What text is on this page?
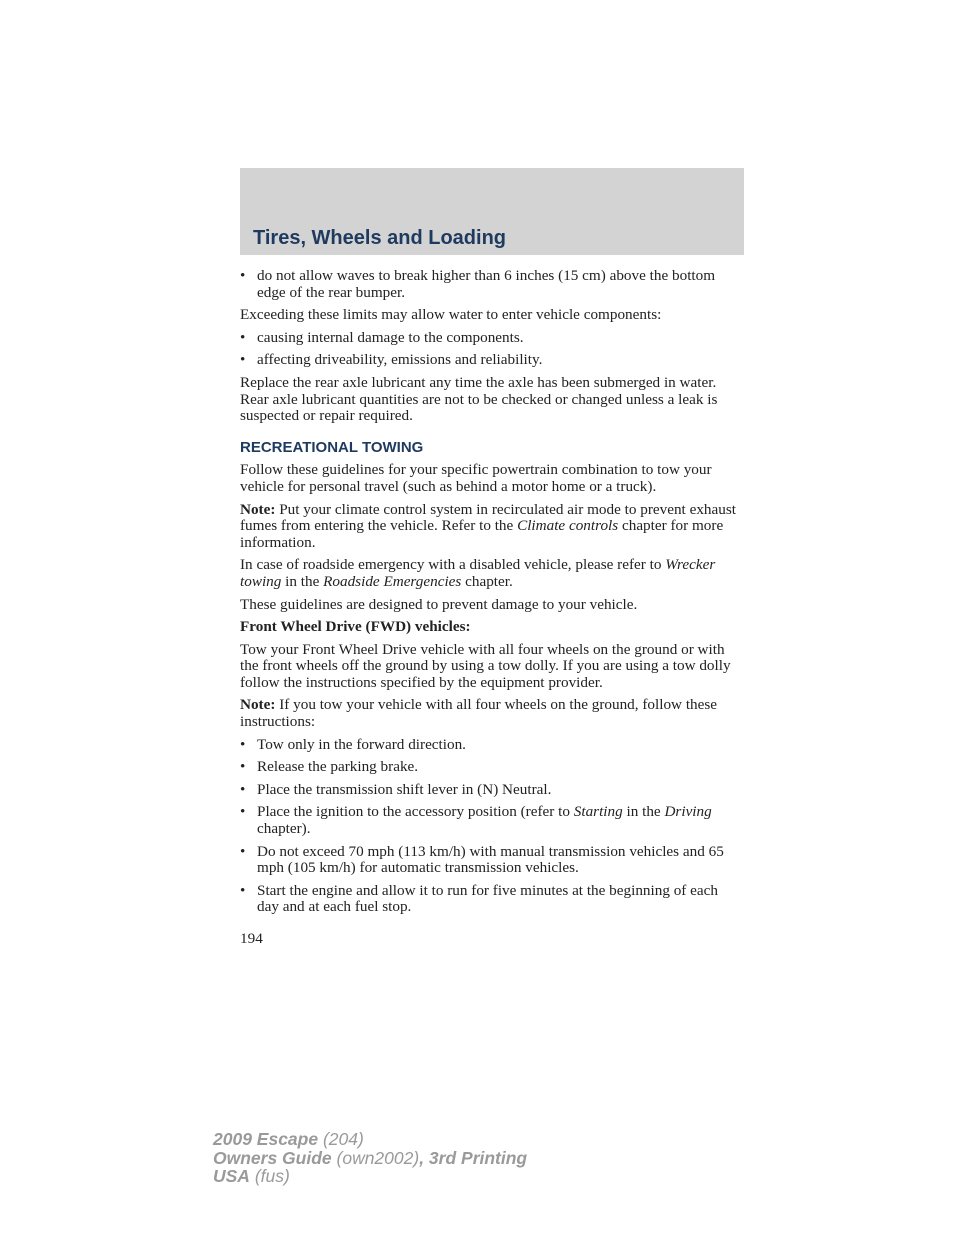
Tires, Wheels and Loading
• do not allow waves to break higher than 6 inches (15 cm) above the bottom edge of the rear bumper.

Exceeding these limits may allow water to enter vehicle components:

• causing internal damage to the components.
• affecting driveability, emissions and reliability.

Replace the rear axle lubricant any time the axle has been submerged in water. Rear axle lubricant quantities are not to be checked or changed unless a leak is suspected or repair required.

RECREATIONAL TOWING

Follow these guidelines for your specific powertrain combination to tow your vehicle for personal travel (such as behind a motor home or a truck).

Note: Put your climate control system in recirculated air mode to prevent exhaust fumes from entering the vehicle. Refer to the Climate controls chapter for more information.

In case of roadside emergency with a disabled vehicle, please refer to Wrecker towing in the Roadside Emergencies chapter.

These guidelines are designed to prevent damage to your vehicle.

Front Wheel Drive (FWD) vehicles:

Tow your Front Wheel Drive vehicle with all four wheels on the ground or with the front wheels off the ground by using a tow dolly. If you are using a tow dolly follow the instructions specified by the equipment provider.

Note: If you tow your vehicle with all four wheels on the ground, follow these instructions:

• Tow only in the forward direction.
• Release the parking brake.
• Place the transmission shift lever in (N) Neutral.
• Place the ignition to the accessory position (refer to Starting in the Driving chapter).
• Do not exceed 70 mph (113 km/h) with manual transmission vehicles and 65 mph (105 km/h) for automatic transmission vehicles.
• Start the engine and allow it to run for five minutes at the beginning of each day and at each fuel stop.
194
2009 Escape (204)
Owners Guide (own2002), 3rd Printing
USA (fus)
